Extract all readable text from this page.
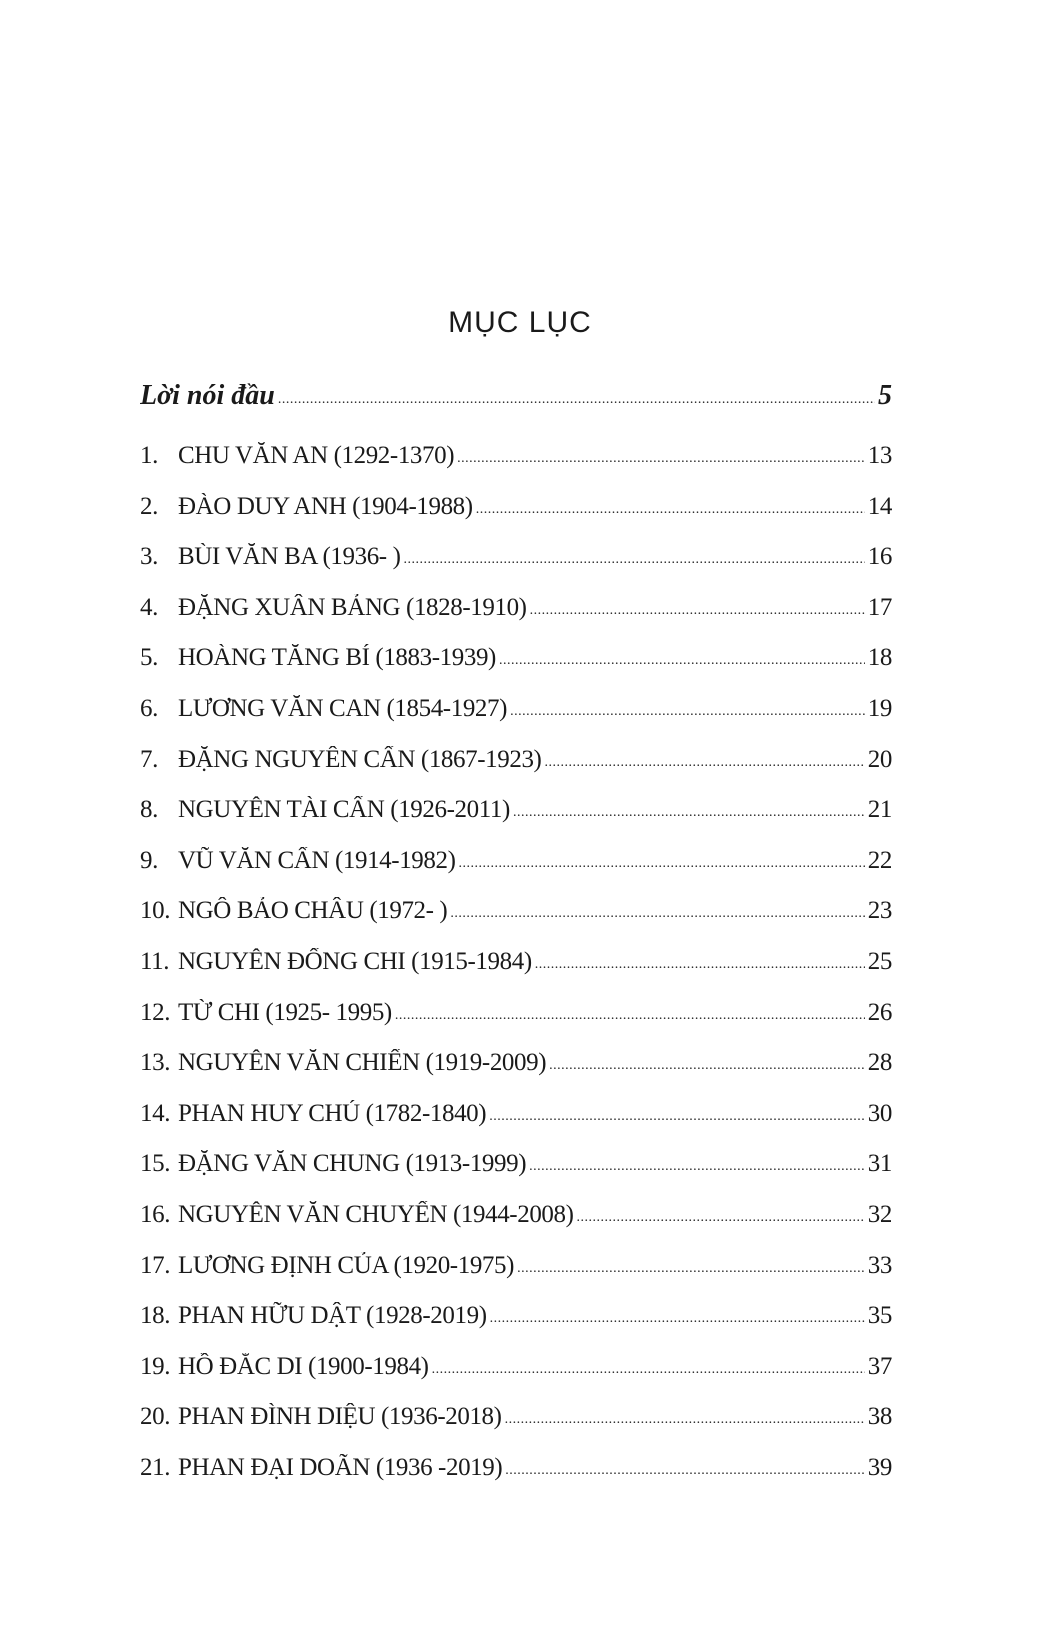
MỤC LỤC
Lời nói đầu .....	5
1. CHU VĂN AN (1292-1370) .....	13
2. ĐÀO DUY ANH (1904-1988) .....	14
3. BÙI VĂN BA (1936- ) .....	16
4. ĐẶNG XUÂN BẢNG (1828-1910) .....	17
5. HOÀNG TĂNG BÍ (1883-1939) .....	18
6. LƯƠNG VĂN CAN (1854-1927) .....	19
7. ĐẶNG NGUYÊN CẨN (1867-1923) .....	20
8. NGUYỄN TÀI CẨN (1926-2011) .....	21
9. VŨ VĂN CẨN (1914-1982) .....	22
10. NGÔ BẢO CHÂU (1972- ) .....	23
11. NGUYỄN ĐỔNG CHI (1915-1984) .....	25
12. TỪ CHI (1925- 1995) .....	26
13. NGUYỄN VĂN CHIỂN (1919-2009) .....	28
14. PHAN HUY CHÚ (1782-1840) .....	30
15. ĐẶNG VĂN CHUNG (1913-1999) .....	31
16. NGUYỄN VĂN CHUYỂN (1944-2008) .....	32
17. LƯƠNG ĐỊNH CỦA (1920-1975) .....	33
18. PHAN HỮU DẬT (1928-2019) .....	35
19. HỒ ĐẮC DI (1900-1984) .....	37
20. PHAN ĐÌNH DIỆU (1936-2018) .....	38
21. PHAN ĐẠI DOÃN (1936 -2019) .....	39
